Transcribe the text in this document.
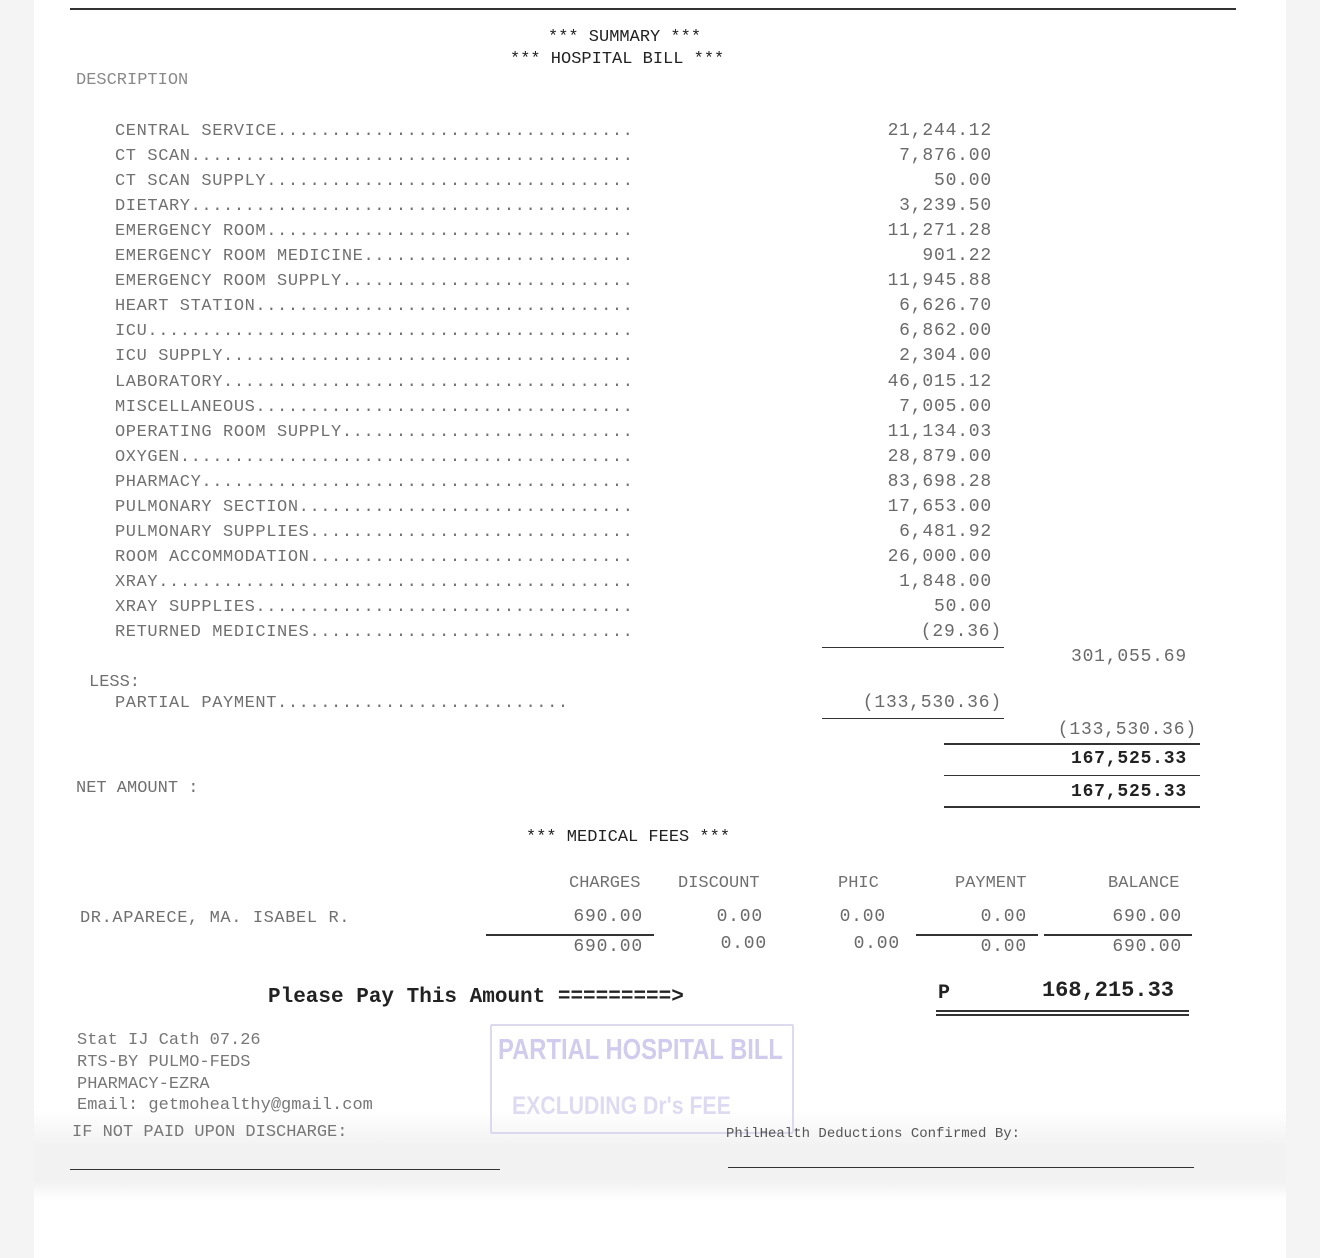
*** SUMMARY ***
*** HOSPITAL BILL ***
DESCRIPTION
CENTRAL SERVICE .................................	21,244.12
CT SCAN .........................................	7,876.00
CT SCAN SUPPLY ..................................	50.00
DIETARY .........................................	3,239.50
EMERGENCY ROOM ..................................	11,271.28
EMERGENCY ROOM MEDICINE .........................	901.22
EMERGENCY ROOM SUPPLY ...........................	11,945.88
HEART STATION ...................................	6,626.70
ICU .............................................	6,862.00
ICU SUPPLY ......................................	2,304.00
LABORATORY ......................................	46,015.12
MISCELLANEOUS ...................................	7,005.00
OPERATING ROOM SUPPLY ...........................	11,134.03
OXYGEN ..........................................	28,879.00
PHARMACY ........................................	83,698.28
PULMONARY SECTION ...............................	17,653.00
PULMONARY SUPPLIES ..............................	6,481.92
ROOM ACCOMMODATION ..............................	26,000.00
XRAY ............................................	1,848.00
XRAY SUPPLIES ...................................	50.00
RETURNED MEDICINES ..............................	(29.36)
301,055.69
LESS:
PARTIAL PAYMENT...........................	(133,530.36)
(133,530.36)
167,525.33
NET AMOUNT :	167,525.33
*** MEDICAL FEES ***
CHARGES DISCOUNT	PHIC	PAYMENT	BALANCE
DR.APARECE, MA. ISABEL R.	690.00	0.00	0.00	0.00	690.00
690.00	0.00	0.00	0.00	690.00
Please Pay This Amount =========>	P	168,215.33
Stat IJ Cath 07.26
RTS-BY PULMO-FEDS
PHARMACY-EZRA
Email: getmohealthy@gmail.com
PARTIAL HOSPITAL BILL
EXCLUDING Dr's FEE
IF NOT PAID UPON DISCHARGE:	PhilHealth Deductions Confirmed By:
